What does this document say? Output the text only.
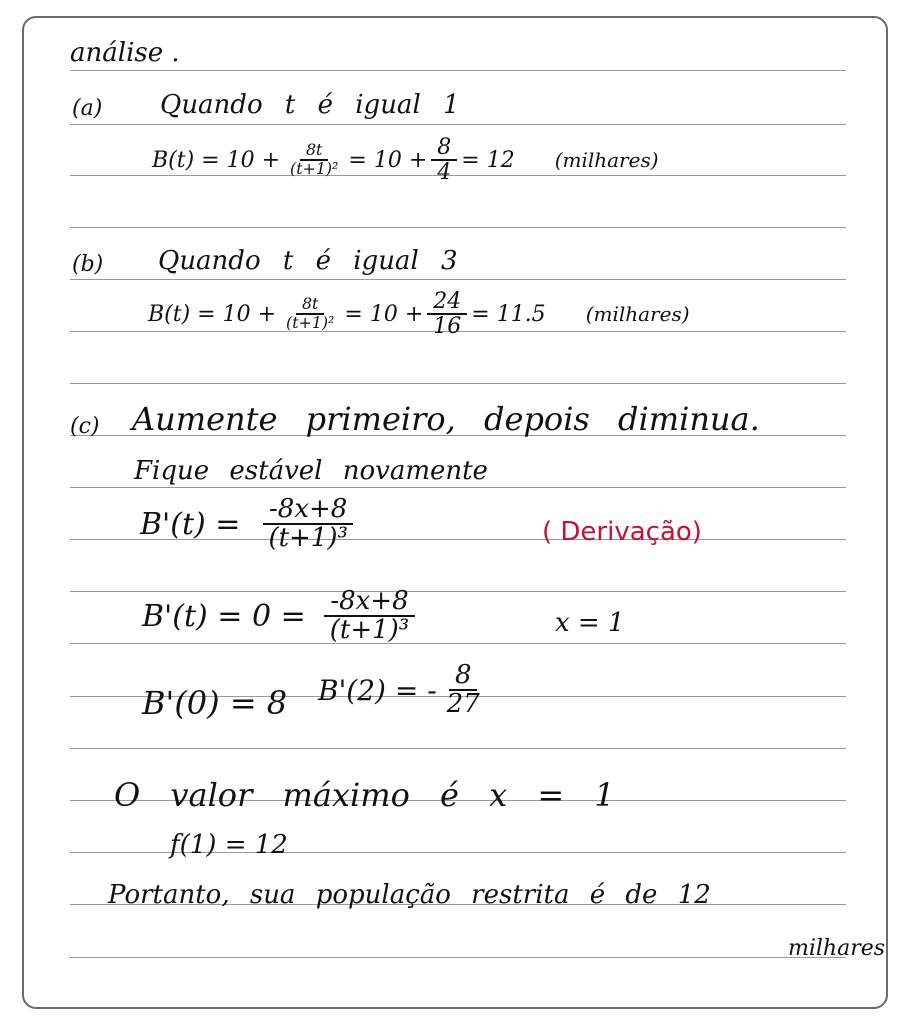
análise .
(a) Quando t é igual 1
$B(t) = 10 + \frac{8t}{\text{(t+1)²}} = 10 + \frac{8}{4} = 12$ (milhares)
(b) Quando t é igual 3
$B(t) = 10 + \frac{8t}{\text{(t+1)²}} = 10 + \frac{24}{16} = 11.5$ (milhares)
(c) Aumente primeiro, depois diminua.
Fique estável novamente
$B'(t) = \frac{-8x+8}{\text{(t+1)³}}$	( Derivação)
$B'(t) = 0 = \frac{-8x+8}{\text{(t+1)³}}$	x = 1
B'(0) = 8 B'(2) = - $\frac{8}{27}$
O valor máximo é x = 1
f(1) = 12
Portanto, sua população restrita é de 12
milhares
